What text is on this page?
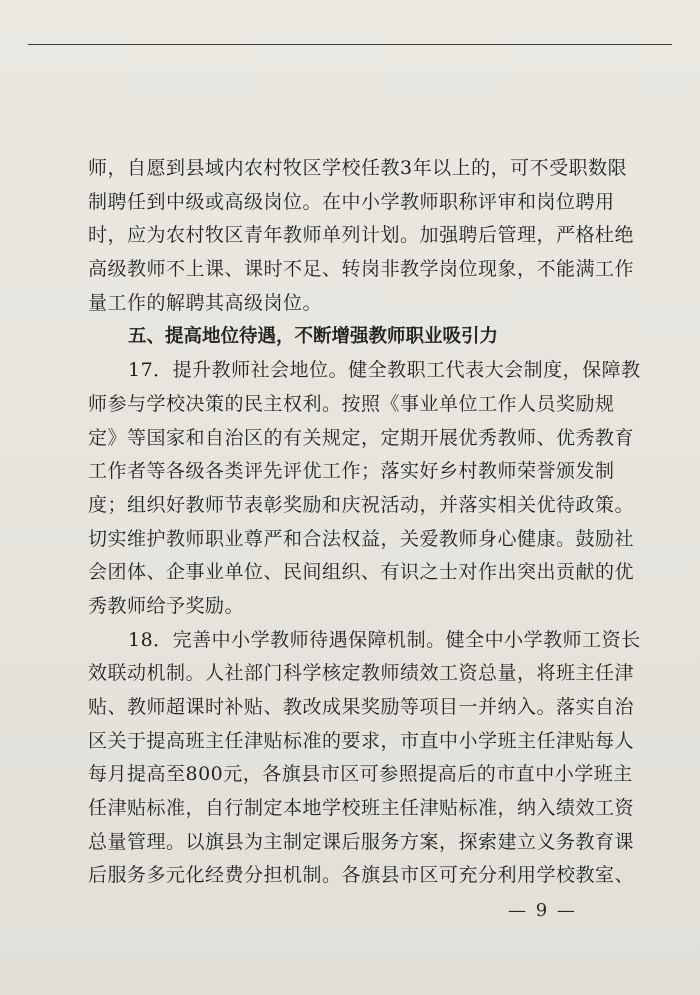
师，自愿到县域内农村牧区学校任教3年以上的，可不受职数限
制聘任到中级或高级岗位。在中小学教师职称评审和岗位聘用
时，应为农村牧区青年教师单列计划。加强聘后管理，严格杜绝
高级教师不上课、课时不足、转岗非教学岗位现象，不能满工作
量工作的解聘其高级岗位。
五、提高地位待遇，不断增强教师职业吸引力
17．提升教师社会地位。健全教职工代表大会制度，保障教
师参与学校决策的民主权利。按照《事业单位工作人员奖励规
定》等国家和自治区的有关规定，定期开展优秀教师、优秀教育
工作者等各级各类评先评优工作；落实好乡村教师荣誉颁发制
度；组织好教师节表彰奖励和庆祝活动，并落实相关优待政策。
切实维护教师职业尊严和合法权益，关爱教师身心健康。鼓励社
会团体、企事业单位、民间组织、有识之士对作出突出贡献的优
秀教师给予奖励。
18．完善中小学教师待遇保障机制。健全中小学教师工资长
效联动机制。人社部门科学核定教师绩效工资总量，将班主任津
贴、教师超课时补贴、教改成果奖励等项目一并纳入。落实自治
区关于提高班主任津贴标准的要求，市直中小学班主任津贴每人
每月提高至800元，各旗县市区可参照提高后的市直中小学班主
任津贴标准，自行制定本地学校班主任津贴标准，纳入绩效工资
总量管理。以旗县为主制定课后服务方案，探索建立义务教育课
后服务多元化经费分担机制。各旗县市区可充分利用学校教室、
— 9 —
